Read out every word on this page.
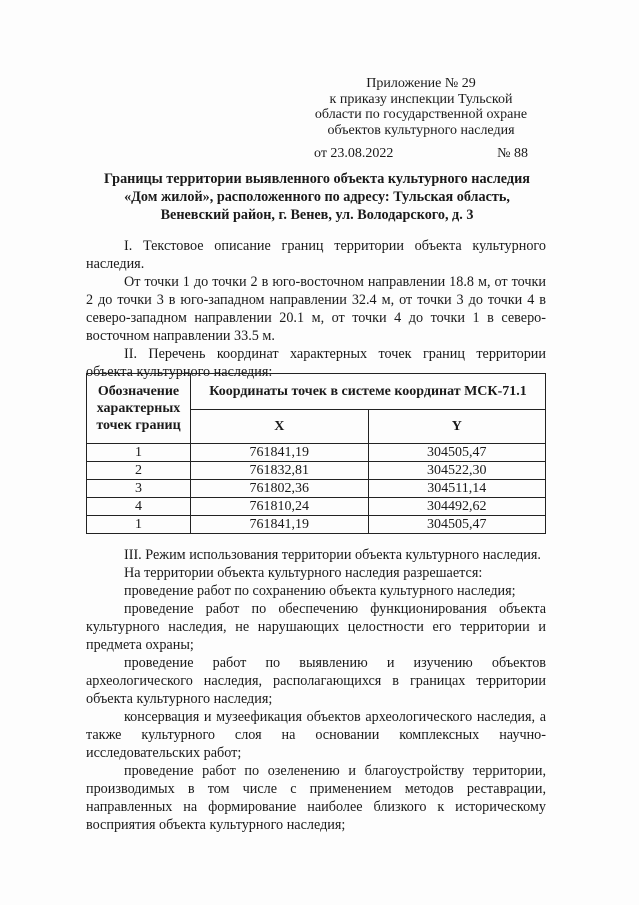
Приложение № 29
к приказу инспекции Тульской
области по государственной охране
объектов культурного наследия
от 23.08.2022	№ 88
Границы территории выявленного объекта культурного наследия
«Дом жилой», расположенного по адресу: Тульская область,
Веневский район, г. Венев, ул. Володарского, д. 3

I. Текстовое описание границ территории объекта культурного наследия.

От точки 1 до точки 2 в юго-восточном направлении 18.8 м, от точки 2 до точки 3 в юго-западном направлении 32.4 м, от точки 3 до точки 4 в северо-западном направлении 20.1 м, от точки 4 до точки 1 в северо-восточном направлении 33.5 м.

II. Перечень координат характерных точек границ территории объекта культурного наследия:

Обозначение характерных точек границ	Координаты точек в системе координат МСК-71.1	
	X	Y
1	761841,19	304505,47
2	761832,81	304522,30
3	761802,36	304511,14
4	761810,24	304492,62
1	761841,19	304505,47

III. Режим использования территории объекта культурного наследия.

На территории объекта культурного наследия разрешается:

проведение работ по сохранению объекта культурного наследия;

проведение работ по обеспечению функционирования объекта культурного наследия, не нарушающих целостности его территории и предмета охраны;

проведение работ по выявлению и изучению объектов археологического наследия, располагающихся в границах территории объекта культурного наследия;

консервация и музеефикация объектов археологического наследия, а также культурного слоя на основании комплексных научно-исследовательских работ;

проведение работ по озеленению и благоустройству территории, производимых в том числе с применением методов реставрации, направленных на формирование наиболее близкого к историческому восприятия объекта культурного наследия;
